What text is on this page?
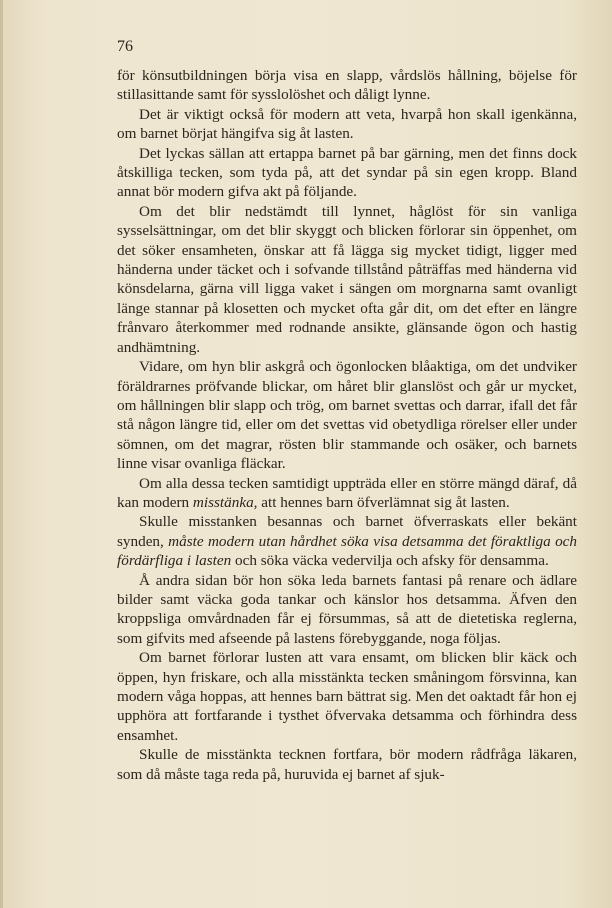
76

för könsutbildningen börja visa en slapp, vårdslös hållning, böjelse för stillasittande samt för sysslolöshet och dåligt lynne.

Det är viktigt också för modern att veta, hvarpå hon skall igenkänna, om barnet börjat hängifva sig åt lasten.

Det lyckas sällan att ertappa barnet på bar gärning, men det finns dock åtskilliga tecken, som tyda på, att det syndar på sin egen kropp. Bland annat bör modern gifva akt på följande.

Om det blir nedstämdt till lynnet, håglöst för sin vanliga sysselsättningar, om det blir skyggt och blicken förlorar sin öppenhet, om det söker ensamheten, önskar att få lägga sig mycket tidigt, ligger med händerna under täcket och i sofvande tillstånd påträffas med händerna vid könsdelarna, gärna vill ligga vaket i sängen om morgnarna samt ovanligt länge stannar på klosetten och mycket ofta går dit, om det efter en längre frånvaro återkommer med rodnande ansikte, glänsande ögon och hastig andhämtning.

Vidare, om hyn blir askgrå och ögonlocken blåaktiga, om det undviker föräldrarnes pröfvande blickar, om håret blir glanslöst och går ur mycket, om hållningen blir slapp och trög, om barnet svettas och darrar, ifall det får stå någon längre tid, eller om det svettas vid obetydliga rörelser eller under sömnen, om det magrar, rösten blir stammande och osäker, och barnets linne visar ovanliga fläckar.

Om alla dessa tecken samtidigt uppträda eller en större mängd däraf, då kan modern misstänka, att hennes barn öfverlämnat sig åt lasten.

Skulle misstanken besannas och barnet öfverraskats eller bekänt synden, måste modern utan hårdhet söka visa detsamma det föraktliga och fördärfliga i lasten och söka väcka vedervilja och afsky för densamma.

Å andra sidan bör hon söka leda barnets fantasi på renare och ädlare bilder samt väcka goda tankar och känslor hos detsamma. Äfven den kroppsliga omvårdnaden får ej försummas, så att de dietetiska reglerna, som gifvits med afseende på lastens förebyggande, noga följas.

Om barnet förlorar lusten att vara ensamt, om blicken blir käck och öppen, hyn friskare, och alla misstänkta tecken småningom försvinna, kan modern våga hoppas, att hennes barn bättrat sig. Men det oaktadt får hon ej upphöra att fortfarande i tysthet öfvervaka detsamma och förhindra dess ensamhet.

Skulle de misstänkta tecknen fortfara, bör modern rådfråga läkaren, som då måste taga reda på, huruvida ej barnet af sjuk-
